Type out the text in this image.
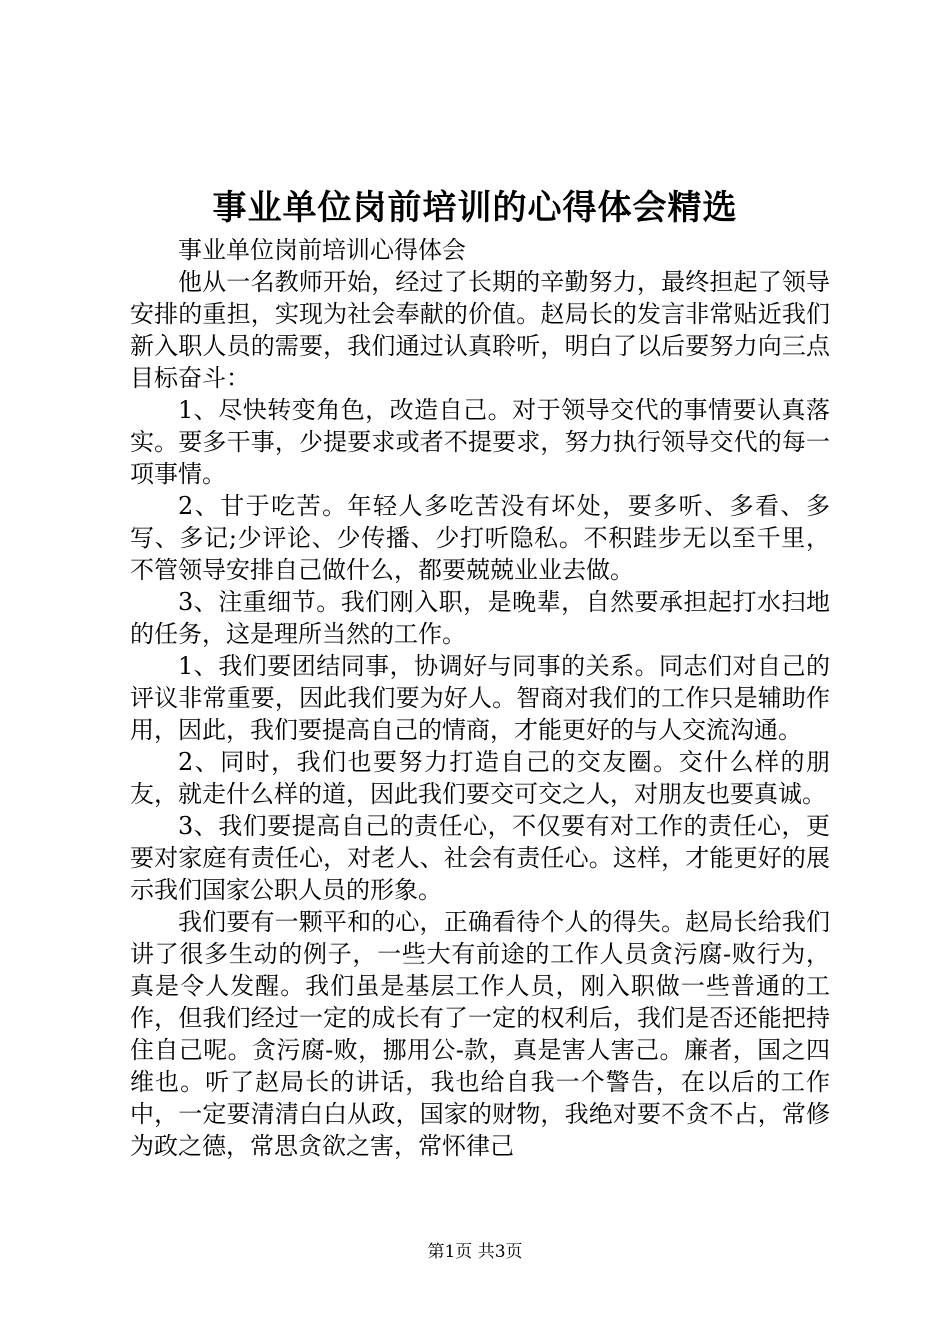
事业单位岗前培训的心得体会精选

事业单位岗前培训心得体会

他从一名教师开始，经过了长期的辛勤努力，最终担起了领导安排的重担，实现为社会奉献的价值。赵局长的发言非常贴近我们新入职人员的需要，我们通过认真聆听，明白了以后要努力向三点目标奋斗：

1、尽快转变角色，改造自己。对于领导交代的事情要认真落实。要多干事，少提要求或者不提要求，努力执行领导交代的每一项事情。

2、甘于吃苦。年轻人多吃苦没有坏处，要多听、多看、多写、多记;少评论、少传播、少打听隐私。不积跬步无以至千里，不管领导安排自己做什么，都要兢兢业业去做。

3、注重细节。我们刚入职，是晚辈，自然要承担起打水扫地的任务，这是理所当然的工作。

1、我们要团结同事，协调好与同事的关系。同志们对自己的评议非常重要，因此我们要为好人。智商对我们的工作只是辅助作用，因此，我们要提高自己的情商，才能更好的与人交流沟通。

2、同时，我们也要努力打造自己的交友圈。交什么样的朋友，就走什么样的道，因此我们要交可交之人，对朋友也要真诚。

3、我们要提高自己的责任心，不仅要有对工作的责任心，更要对家庭有责任心，对老人、社会有责任心。这样，才能更好的展示我们国家公职人员的形象。

我们要有一颗平和的心，正确看待个人的得失。赵局长给我们讲了很多生动的例子，一些大有前途的工作人员贪污腐-败行为，真是令人发醒。我们虽是基层工作人员，刚入职做一些普通的工作，但我们经过一定的成长有了一定的权利后，我们是否还能把持住自己呢。贪污腐-败，挪用公-款，真是害人害己。廉者，国之四维也。听了赵局长的讲话，我也给自我一个警告，在以后的工作中，一定要清清白白从政，国家的财物，我绝对要不贪不占，常修为政之德，常思贪欲之害，常怀律己

第1页 共3页
